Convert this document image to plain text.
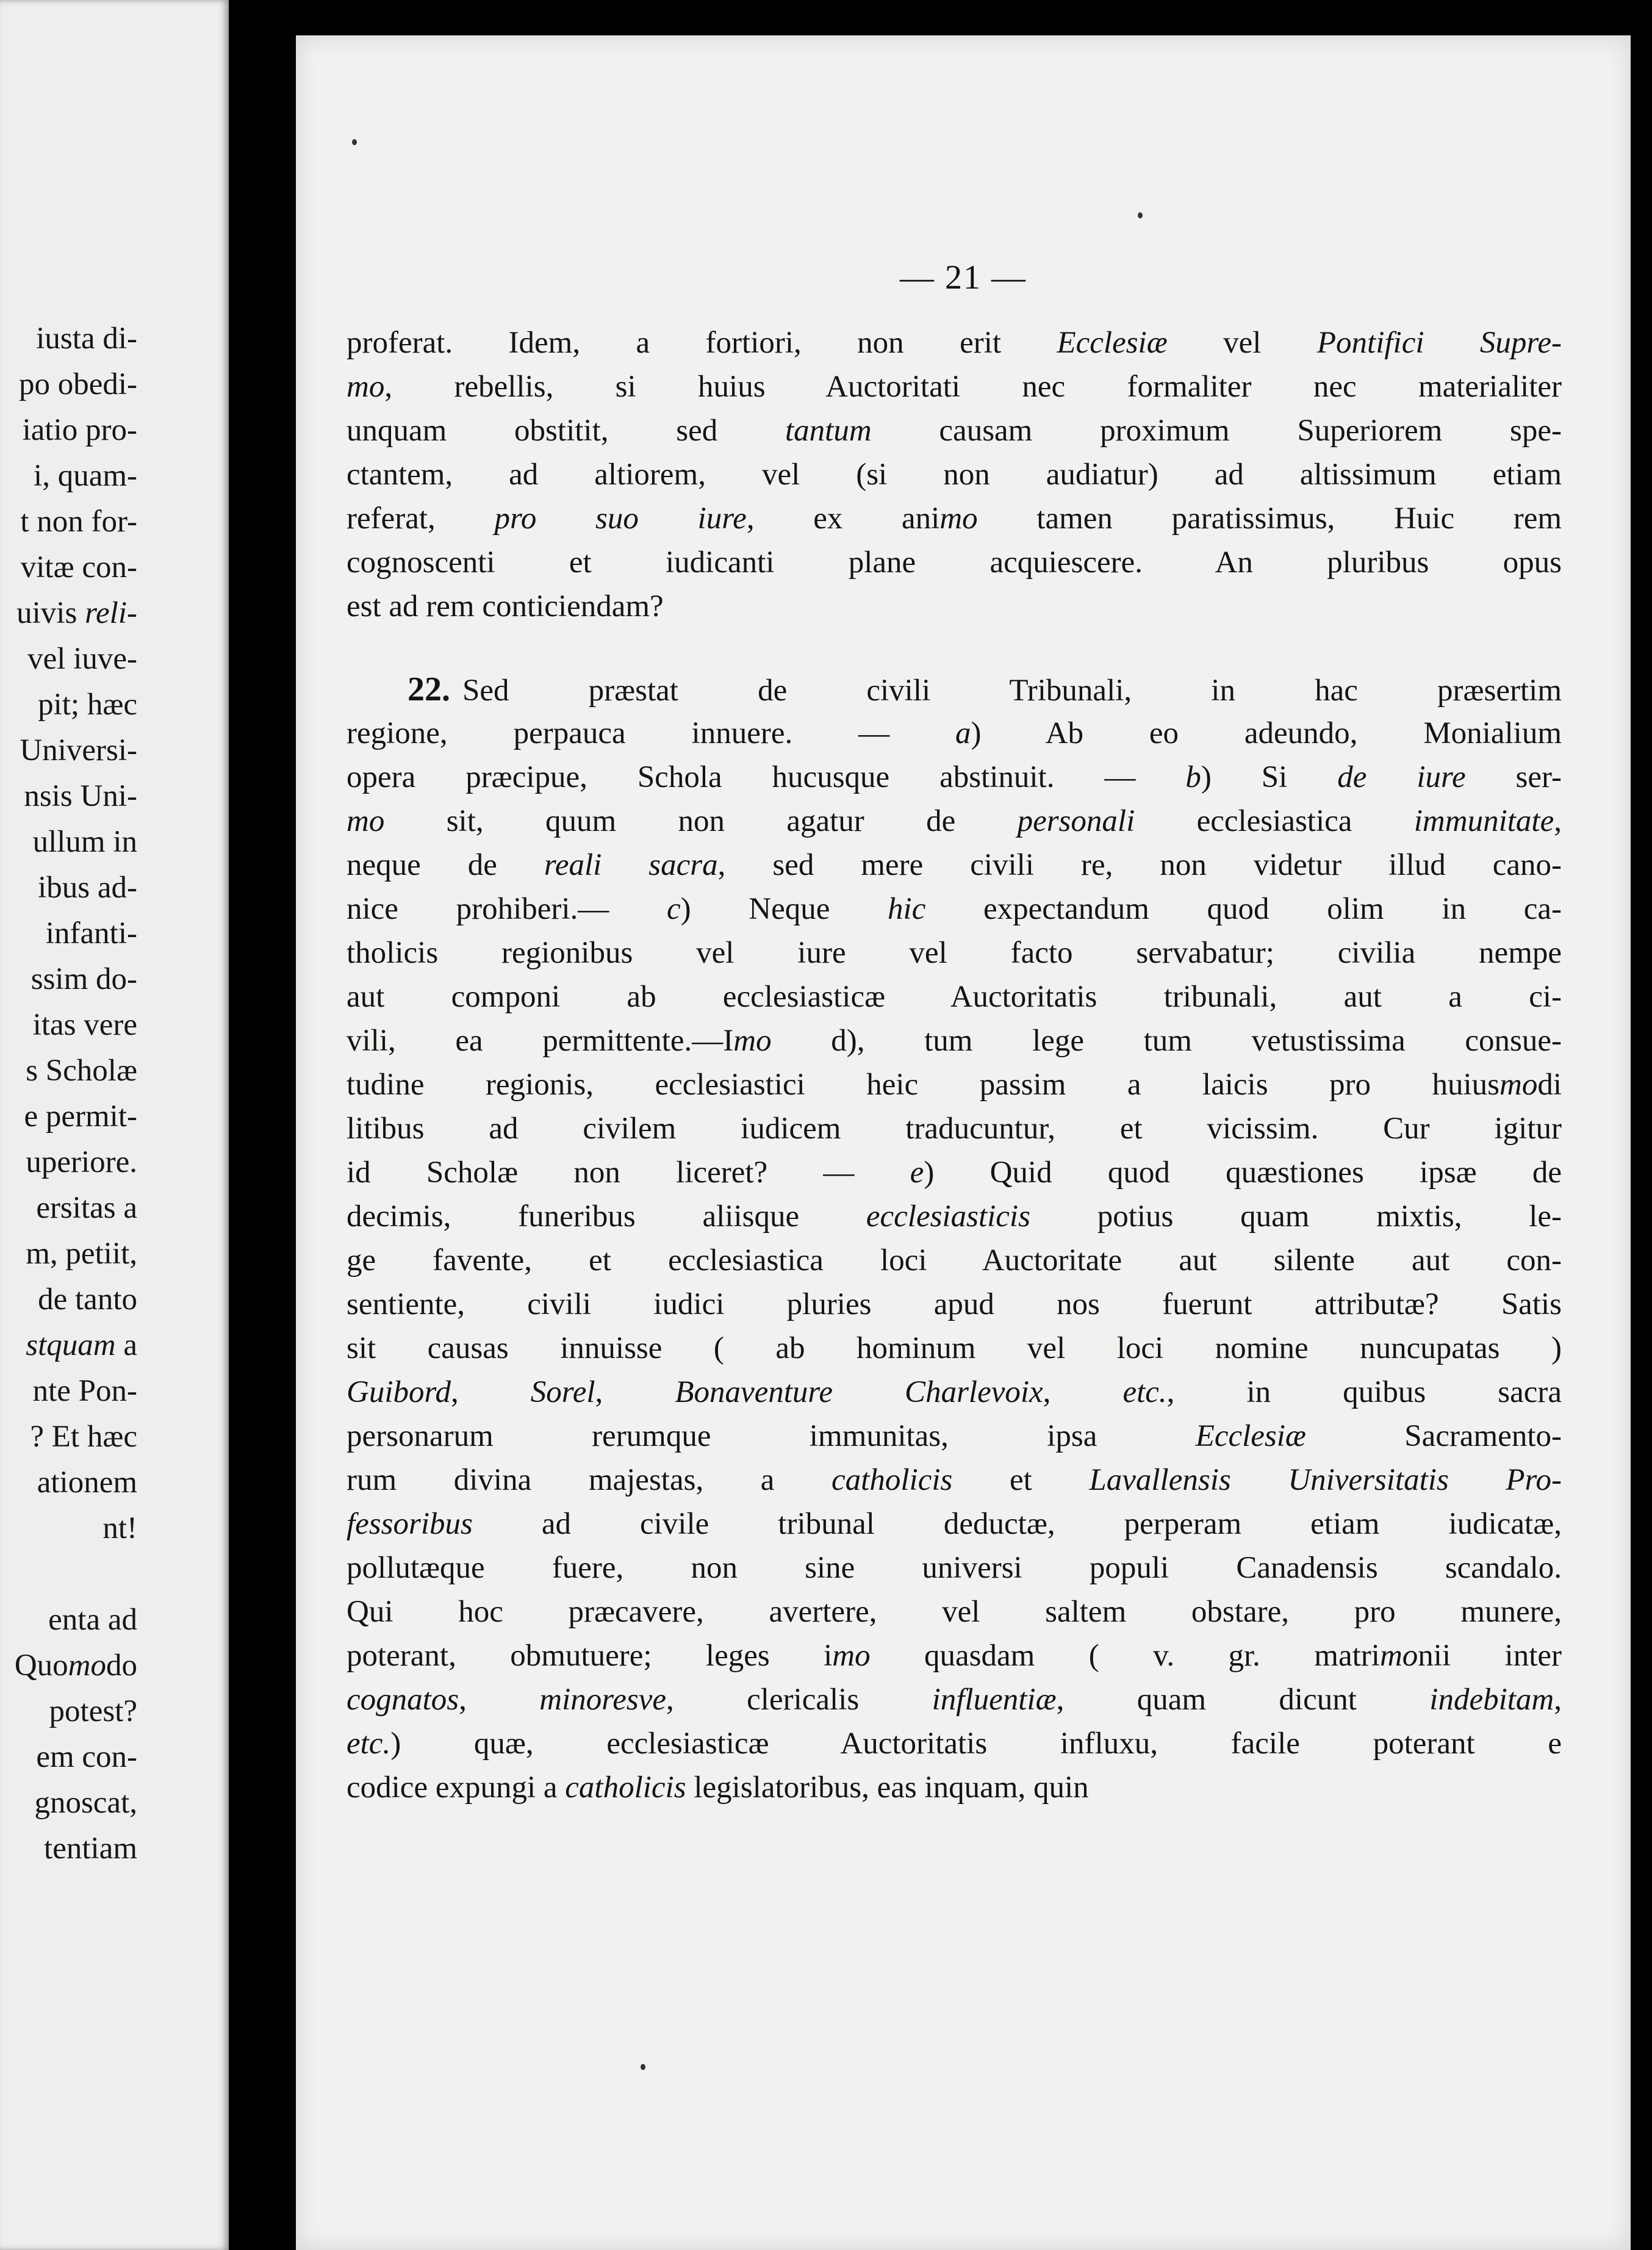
iusta di-
po obedi-
iatio pro-
i, quam-
t non for-
vitæ con-
uivis reli-
vel iuve-
pit; hæc
Universi-
nsis Uni-
ullum in
ibus ad-
infanti-
ssim do-
itas vere
s Scholæ
e permit-
uperiore.
ersitas a
m, petiit,
de tanto
stquam a
nte Pon-
? Et hæc
ationem
nt!
enta ad
Quomodo
potest?
em con-
gnoscat,
tentiam
— 21 —
proferat. Idem, a fortiori, non erit Ecclesiæ vel Pontifici Supre-
mo, rebellis, si huius Auctoritati nec formaliter nec materialiter
unquam obstitit, sed tantum causam proximum Superiorem spe-
ctantem, ad altiorem, vel (si non audiatur) ad altissimum etiam
referat, pro suo iure, ex animo tamen paratissimus, Huic rem
cognoscenti et iudicanti plane acquiescere. An pluribus opus
est ad rem conticiendam?
22. Sed præstat de civili Tribunali, in hac præsertim
regione, perpauca innuere. — a) Ab eo adeundo, Monialium
opera præcipue, Schola hucusque abstinuit. — b) Si de iure ser-
mo sit, quum non agatur de personali ecclesiastica immunitate,
neque de reali sacra, sed mere civili re, non videtur illud cano-
nice prohiberi.— c) Neque hic expectandum quod olim in ca-
tholicis regionibus vel iure vel facto servabatur; civilia nempe
aut componi ab ecclesiasticæ Auctoritatis tribunali, aut a ci-
vili, ea permittente.—Imo d), tum lege tum vetustissima consue-
tudine regionis, ecclesiastici heic passim a laicis pro huiusmodi
litibus ad civilem iudicem traducuntur, et vicissim. Cur igitur
id Scholæ non liceret? — e) Quid quod quæstiones ipsæ de
decimis, funeribus aliisque ecclesiasticis potius quam mixtis, le-
ge favente, et ecclesiastica loci Auctoritate aut silente aut con-
sentiente, civili iudici pluries apud nos fuerunt attributæ? Satis
sit causas innuisse ( ab hominum vel loci nomine nuncupatas )
Guibord, Sorel, Bonaventure Charlevoix, etc., in quibus sacra
personarum rerumque immunitas, ipsa Ecclesiæ Sacramento-
rum divina majestas, a catholicis et Lavallensis Universitatis Pro-
fessoribus ad civile tribunal deductæ, perperam etiam iudicatæ,
pollutæque fuere, non sine universi populi Canadensis scandalo.
Qui hoc præcavere, avertere, vel saltem obstare, pro munere,
poterant, obmutuere; leges imo quasdam ( v. gr. matrimonii inter
cognatos, minoresve, clericalis influentiæ, quam dicunt indebitam,
etc.) quæ, ecclesiasticæ Auctoritatis influxu, facile poterant e
codice expungi a catholicis legislatoribus, eas inquam, quin
